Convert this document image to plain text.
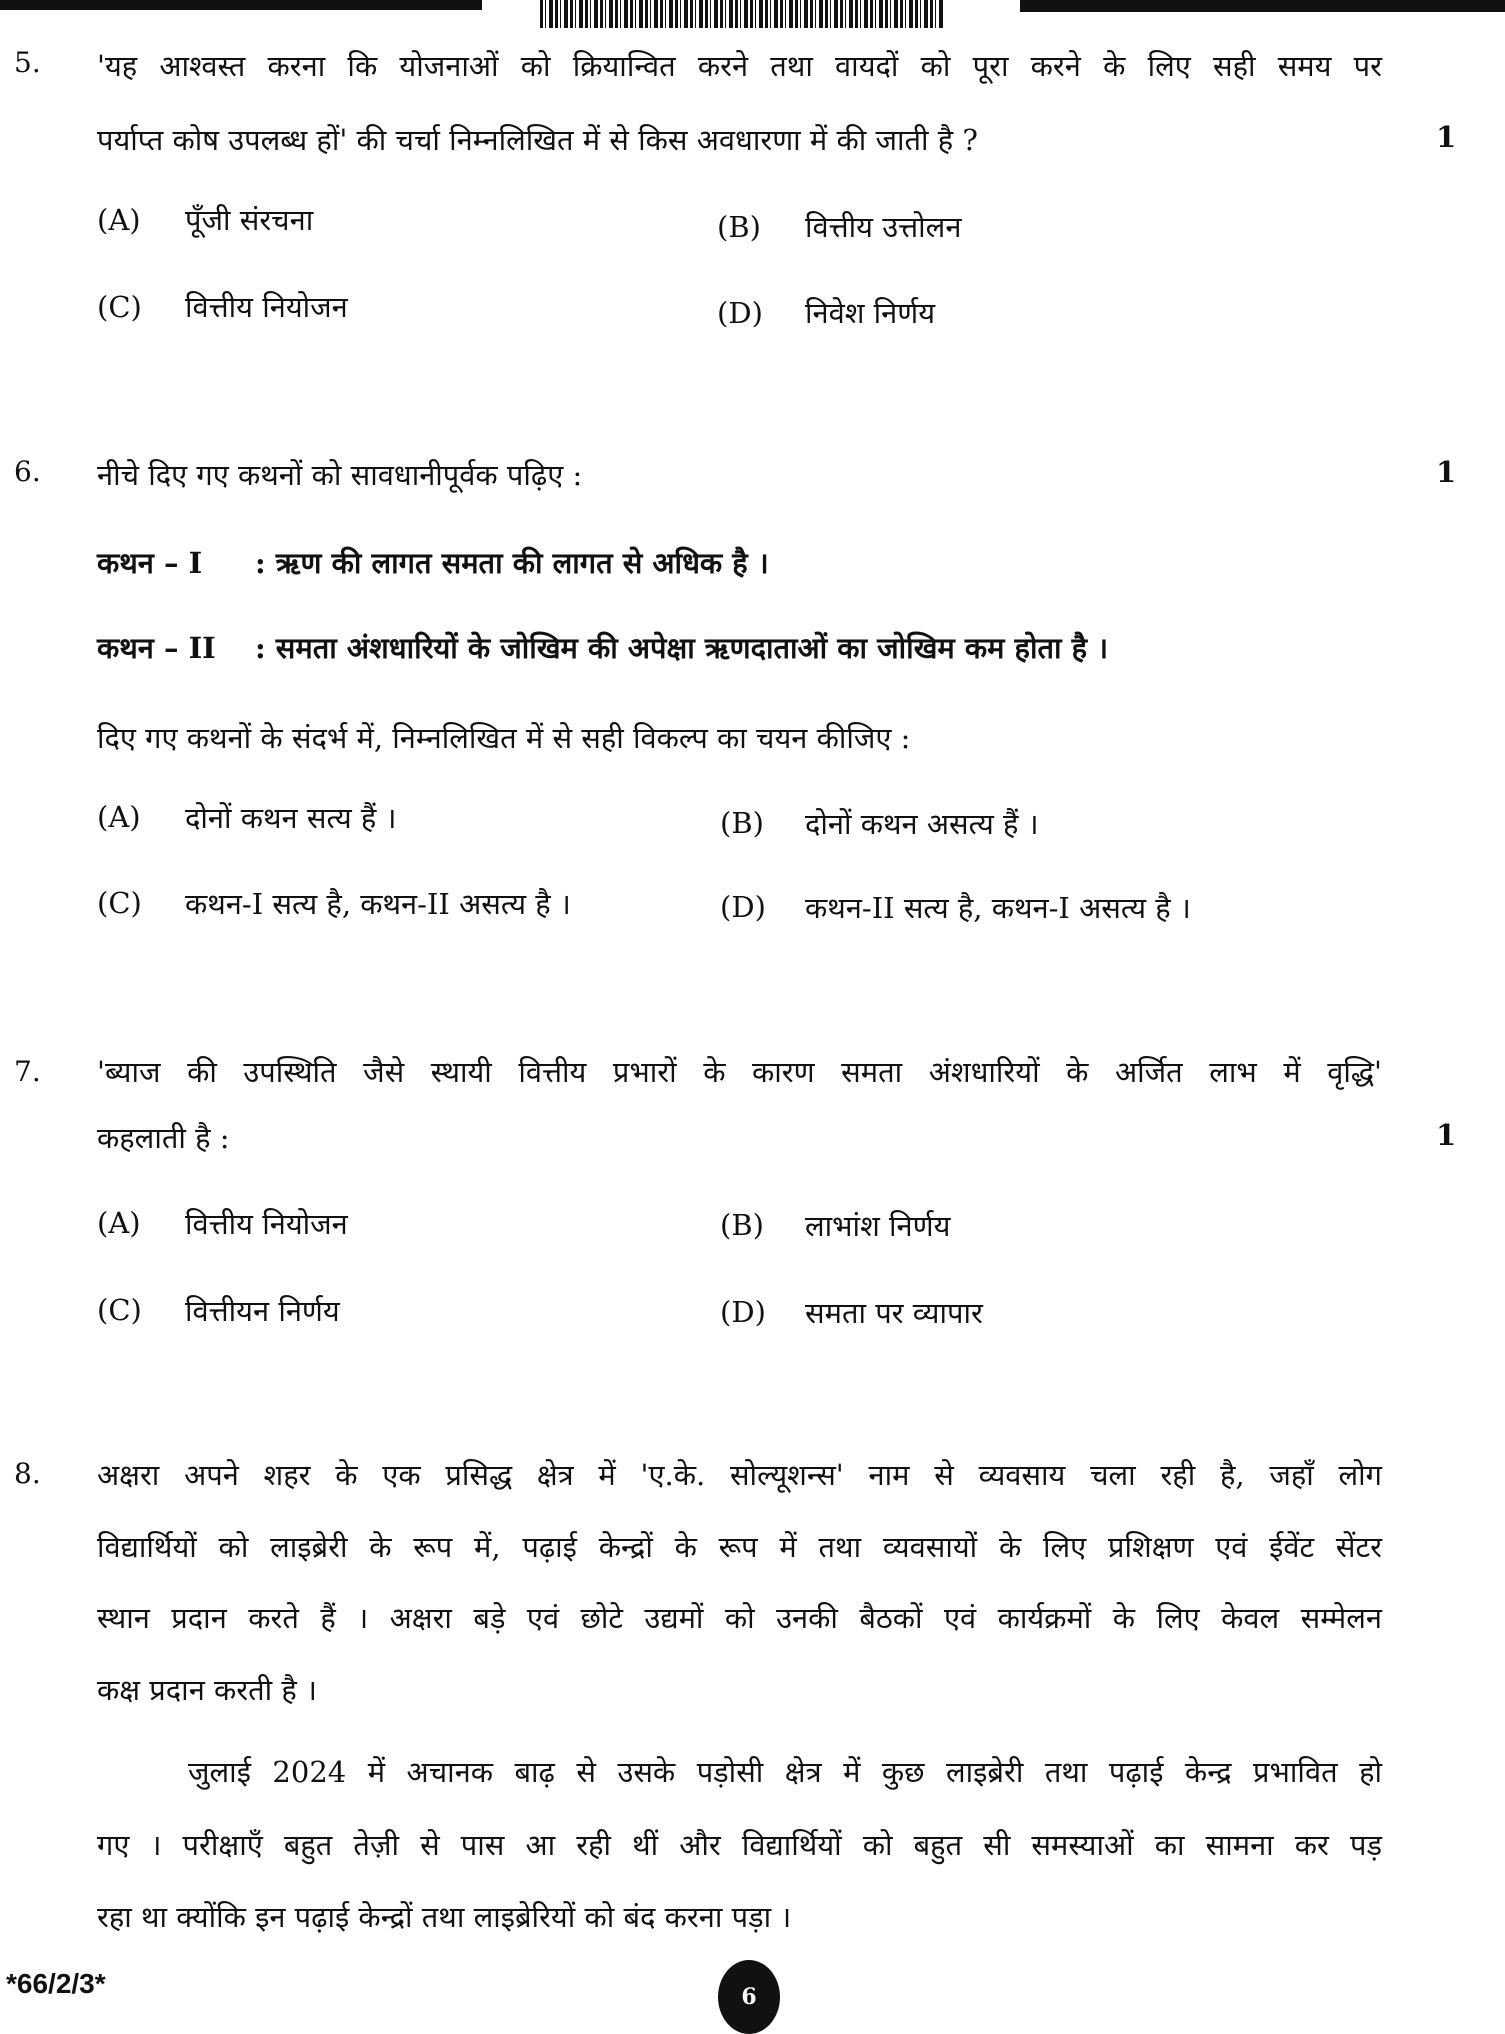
5. 'यह आश्वस्त करना कि योजनाओं को क्रियान्वित करने तथा वायदों को पूरा करने के लिए सही समय पर
पर्याप्त कोष उपलब्ध हों' की चर्चा निम्नलिखित में से किस अवधारणा में की जाती है ?	1
(A) पूँजी संरचना	(B) वित्तीय उत्तोलन
(C) वित्तीय नियोजन	(D) निवेश निर्णय
6. नीचे दिए गए कथनों को सावधानीपूर्वक पढ़िए :	1
कथन – I : ऋण की लागत समता की लागत से अधिक है ।
कथन – II : समता अंशधारियों के जोखिम की अपेक्षा ऋणदाताओं का जोखिम कम होता है ।
दिए गए कथनों के संदर्भ में, निम्नलिखित में से सही विकल्प का चयन कीजिए :
(A) दोनों कथन सत्य हैं ।	(B) दोनों कथन असत्य हैं ।
(C) कथन-I सत्य है, कथन-II असत्य है ।	(D) कथन-II सत्य है, कथन-I असत्य है ।
7. 'ब्याज की उपस्थिति जैसे स्थायी वित्तीय प्रभारों के कारण समता अंशधारियों के अर्जित लाभ में वृद्धि'
कहलाती है :	1
(A) वित्तीय नियोजन	(B) लाभांश निर्णय
(C) वित्तीयन निर्णय	(D) समता पर व्यापार
8. अक्षरा अपने शहर के एक प्रसिद्ध क्षेत्र में 'ए.के. सोल्यूशन्स' नाम से व्यवसाय चला रही है, जहाँ लोग
विद्यार्थियों को लाइब्रेरी के रूप में, पढ़ाई केन्द्रों के रूप में तथा व्यवसायों के लिए प्रशिक्षण एवं ईवेंट सेंटर
स्थान प्रदान करते हैं । अक्षरा बड़े एवं छोटे उद्यमों को उनकी बैठकों एवं कार्यक्रमों के लिए केवल सम्मेलन
कक्ष प्रदान करती है ।
जुलाई 2024 में अचानक बाढ़ से उसके पड़ोसी क्षेत्र में कुछ लाइब्रेरी तथा पढ़ाई केन्द्र प्रभावित हो
गए । परीक्षाएँ बहुत तेज़ी से पास आ रही थीं और विद्यार्थियों को बहुत सी समस्याओं का सामना कर पड़
रहा था क्योंकि इन पढ़ाई केन्द्रों तथा लाइब्रेरियों को बंद करना पड़ा ।
*66/2/3*	6
